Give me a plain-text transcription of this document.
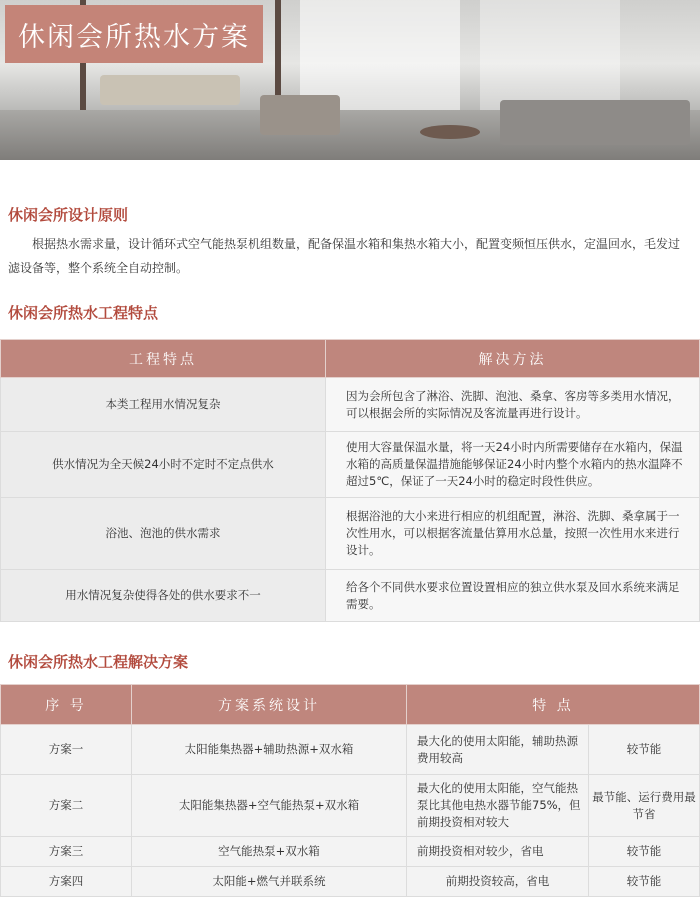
休闲会所热水方案
休闲会所设计原则
根据热水需求量，设计循环式空气能热泵机组数量，配备保温水箱和集热水箱大小，配置变频恒压供水，定温回水，毛发过滤设备等，整个系统全自动控制。
休闲会所热水工程特点
工程特点	解决方法
本类工程用水情况复杂	因为会所包含了淋浴、洗脚、泡池、桑拿、客房等多类用水情况，可以根据会所的实际情况及客流量再进行设计。
供水情况为全天候24小时不定时不定点供水	使用大容量保温水量，将一天24小时内所需要储存在水箱内，保温水箱的高质量保温措施能够保证24小时内整个水箱内的热水温降不超过5℃，保证了一天24小时的稳定时段性供应。
浴池、泡池的供水需求	根据浴池的大小来进行相应的机组配置，淋浴、洗脚、桑拿属于一次性用水，可以根据客流量估算用水总量，按照一次性用水来进行设计。
用水情况复杂使得各处的供水要求不一	给各个不同供水要求位置设置相应的独立供水泵及回水系统来满足需要。
休闲会所热水工程解决方案
序 号	方案系统设计	特 点	
方案一	太阳能集热器+辅助热源+双水箱	最大化的使用太阳能，辅助热源费用较高	较节能
方案二	太阳能集热器+空气能热泵+双水箱	最大化的使用太阳能，空气能热泵比其他电热水器节能75%，但前期投资相对较大	最节能、运行费用最节省
方案三	空气能热泵+双水箱	前期投资相对较少，省电	较节能
方案四	太阳能+燃气并联系统	前期投资较高，省电	较节能
